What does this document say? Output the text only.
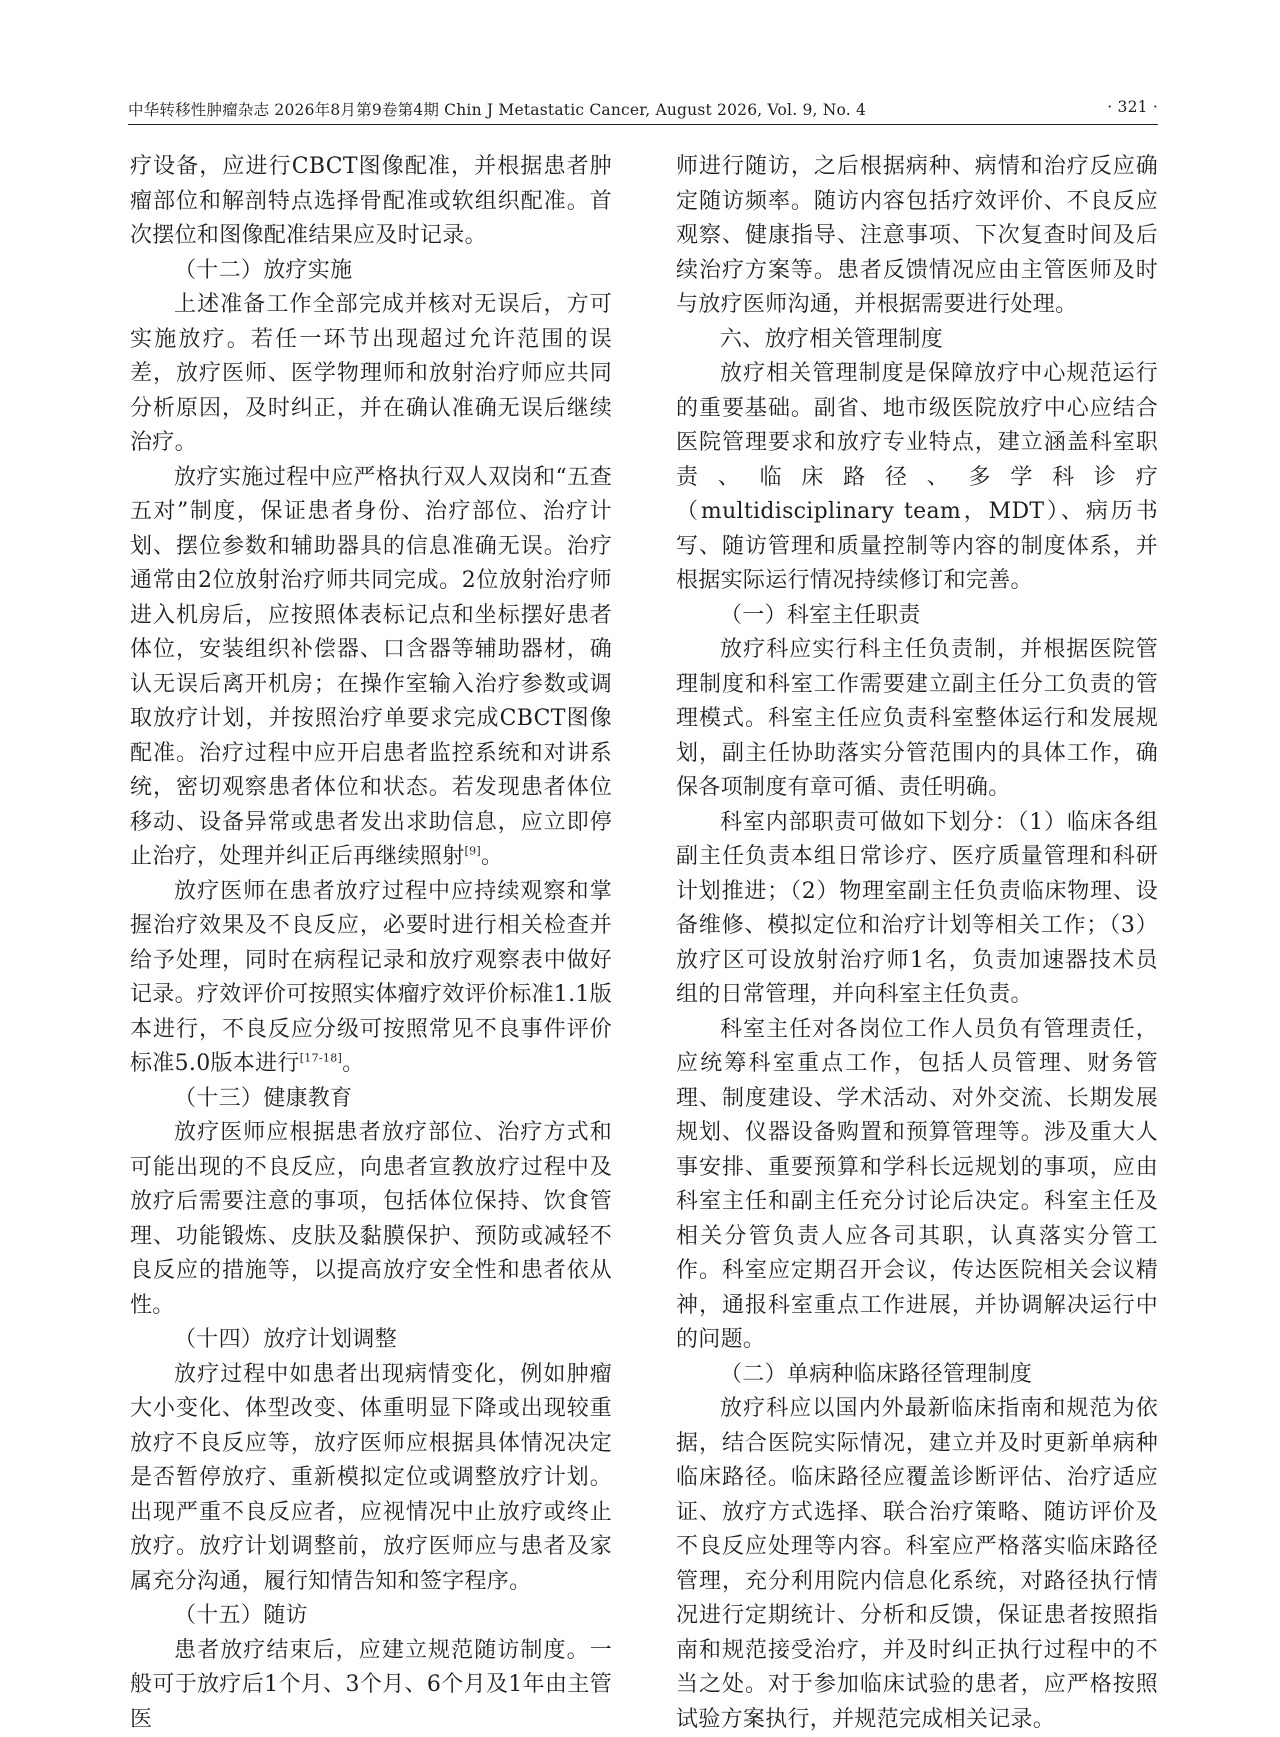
中华转移性肿瘤杂志 2026年8月第9卷第4期 Chin J Metastatic Cancer, August 2026, Vol. 9, No. 4	· 321 ·

疗设备，应进行CBCT图像配准，并根据患者肿瘤部位和解剖特点选择骨配准或软组织配准。首次摆位和图像配准结果应及时记录。

（十二）放疗实施

上述准备工作全部完成并核对无误后，方可实施放疗。若任一环节出现超过允许范围的误差，放疗医师、医学物理师和放射治疗师应共同分析原因，及时纠正，并在确认准确无误后继续治疗。

放疗实施过程中应严格执行双人双岗和“五查五对”制度，保证患者身份、治疗部位、治疗计划、摆位参数和辅助器具的信息准确无误。治疗通常由2位放射治疗师共同完成。2位放射治疗师进入机房后，应按照体表标记点和坐标摆好患者体位，安装组织补偿器、口含器等辅助器材，确认无误后离开机房；在操作室输入治疗参数或调取放疗计划，并按照治疗单要求完成CBCT图像配准。治疗过程中应开启患者监控系统和对讲系统，密切观察患者体位和状态。若发现患者体位移动、设备异常或患者发出求助信息，应立即停止治疗，处理并纠正后再继续照射[9]。

放疗医师在患者放疗过程中应持续观察和掌握治疗效果及不良反应，必要时进行相关检查并给予处理，同时在病程记录和放疗观察表中做好记录。疗效评价可按照实体瘤疗效评价标准1.1版本进行，不良反应分级可按照常见不良事件评价标准5.0版本进行[17-18]。

（十三）健康教育

放疗医师应根据患者放疗部位、治疗方式和可能出现的不良反应，向患者宣教放疗过程中及放疗后需要注意的事项，包括体位保持、饮食管理、功能锻炼、皮肤及黏膜保护、预防或减轻不良反应的措施等，以提高放疗安全性和患者依从性。

（十四）放疗计划调整

放疗过程中如患者出现病情变化，例如肿瘤大小变化、体型改变、体重明显下降或出现较重放疗不良反应等，放疗医师应根据具体情况决定是否暂停放疗、重新模拟定位或调整放疗计划。出现严重不良反应者，应视情况中止放疗或终止放疗。放疗计划调整前，放疗医师应与患者及家属充分沟通，履行知情告知和签字程序。

（十五）随访

患者放疗结束后，应建立规范随访制度。一般可于放疗后1个月、3个月、6个月及1年由主管医

师进行随访，之后根据病种、病情和治疗反应确定随访频率。随访内容包括疗效评价、不良反应观察、健康指导、注意事项、下次复查时间及后续治疗方案等。患者反馈情况应由主管医师及时与放疗医师沟通，并根据需要进行处理。

六、放疗相关管理制度

放疗相关管理制度是保障放疗中心规范运行的重要基础。副省、地市级医院放疗中心应结合医院管理要求和放疗专业特点，建立涵盖科室职责、临床路径、多学科诊疗（multidisciplinary team，MDT）、病历书写、随访管理和质量控制等内容的制度体系，并根据实际运行情况持续修订和完善。

（一）科室主任职责

放疗科应实行科主任负责制，并根据医院管理制度和科室工作需要建立副主任分工负责的管理模式。科室主任应负责科室整体运行和发展规划，副主任协助落实分管范围内的具体工作，确保各项制度有章可循、责任明确。

科室内部职责可做如下划分：（1）临床各组副主任负责本组日常诊疗、医疗质量管理和科研计划推进；（2）物理室副主任负责临床物理、设备维修、模拟定位和治疗计划等相关工作；（3）放疗区可设放射治疗师1名，负责加速器技术员组的日常管理，并向科室主任负责。

科室主任对各岗位工作人员负有管理责任，应统筹科室重点工作，包括人员管理、财务管理、制度建设、学术活动、对外交流、长期发展规划、仪器设备购置和预算管理等。涉及重大人事安排、重要预算和学科长远规划的事项，应由科室主任和副主任充分讨论后决定。科室主任及相关分管负责人应各司其职，认真落实分管工作。科室应定期召开会议，传达医院相关会议精神，通报科室重点工作进展，并协调解决运行中的问题。

（二）单病种临床路径管理制度

放疗科应以国内外最新临床指南和规范为依据，结合医院实际情况，建立并及时更新单病种临床路径。临床路径应覆盖诊断评估、治疗适应证、放疗方式选择、联合治疗策略、随访评价及不良反应处理等内容。科室应严格落实临床路径管理，充分利用院内信息化系统，对路径执行情况进行定期统计、分析和反馈，保证患者按照指南和规范接受治疗，并及时纠正执行过程中的不当之处。对于参加临床试验的患者，应严格按照试验方案执行，并规范完成相关记录。
